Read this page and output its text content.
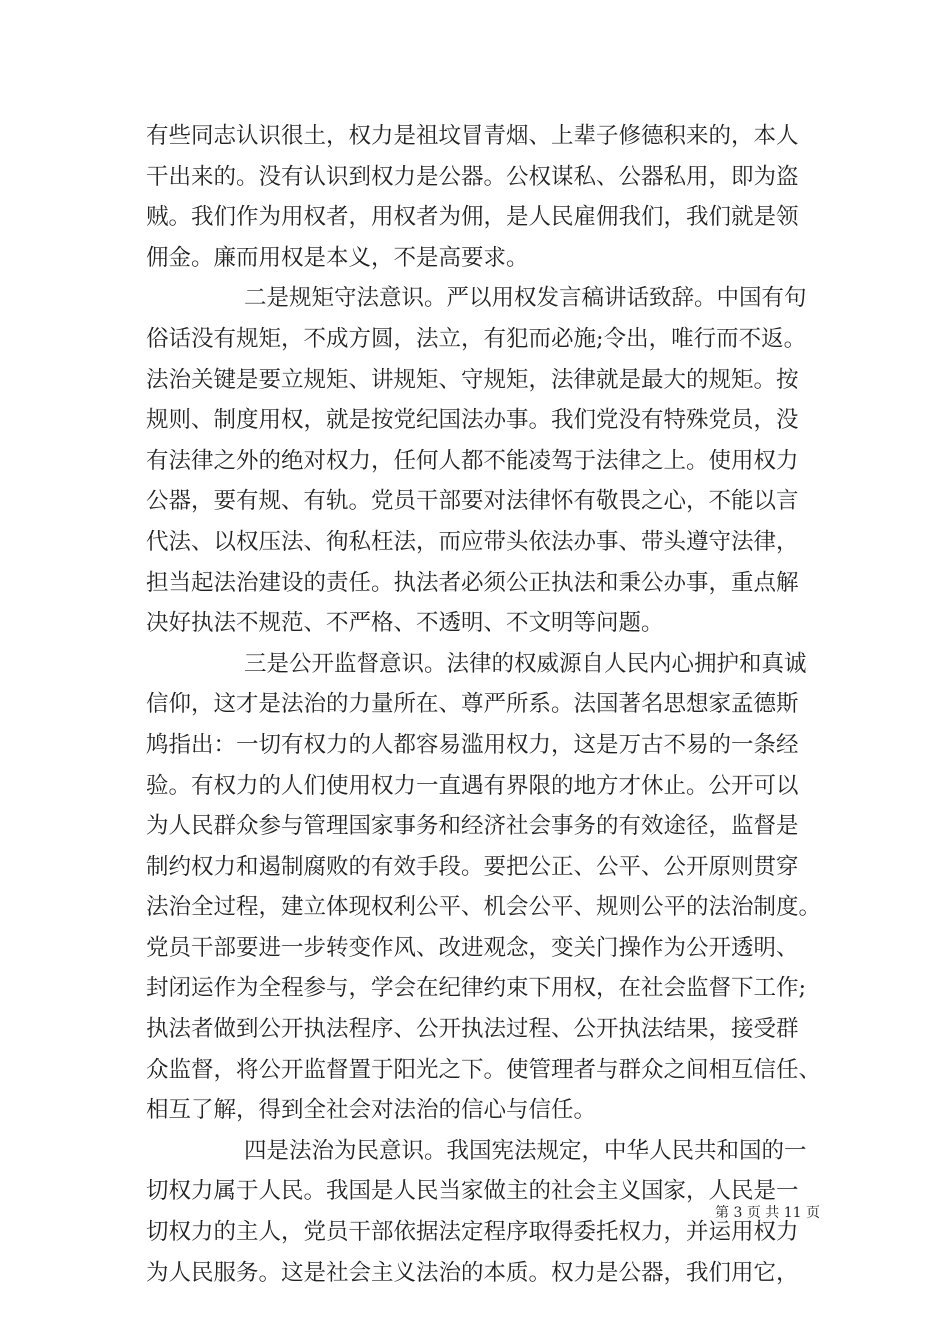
有些同志认识很土，权力是祖坟冒青烟、上辈子修德积来的，本人
干出来的。没有认识到权力是公器。公权谋私、公器私用，即为盗
贼。我们作为用权者，用权者为佣，是人民雇佣我们，我们就是领
佣金。廉而用权是本义，不是高要求。

二是规矩守法意识。严以用权发言稿讲话致辞。中国有句
俗话没有规矩，不成方圆，法立，有犯而必施;令出，唯行而不返。
法治关键是要立规矩、讲规矩、守规矩，法律就是最大的规矩。按
规则、制度用权，就是按党纪国法办事。我们党没有特殊党员，没
有法律之外的绝对权力，任何人都不能凌驾于法律之上。使用权力
公器，要有规、有轨。党员干部要对法律怀有敬畏之心，不能以言
代法、以权压法、徇私枉法，而应带头依法办事、带头遵守法律，
担当起法治建设的责任。执法者必须公正执法和秉公办事，重点解
决好执法不规范、不严格、不透明、不文明等问题。

三是公开监督意识。法律的权威源自人民内心拥护和真诚
信仰，这才是法治的力量所在、尊严所系。法国著名思想家孟德斯
鸠指出：一切有权力的人都容易滥用权力，这是万古不易的一条经
验。有权力的人们使用权力一直遇有界限的地方才休止。公开可以
为人民群众参与管理国家事务和经济社会事务的有效途径，监督是
制约权力和遏制腐败的有效手段。要把公正、公平、公开原则贯穿
法治全过程，建立体现权利公平、机会公平、规则公平的法治制度。
党员干部要进一步转变作风、改进观念，变关门操作为公开透明、
封闭运作为全程参与，学会在纪律约束下用权，在社会监督下工作;
执法者做到公开执法程序、公开执法过程、公开执法结果，接受群
众监督，将公开监督置于阳光之下。使管理者与群众之间相互信任、
相互了解，得到全社会对法治的信心与信任。

四是法治为民意识。我国宪法规定，中华人民共和国的一
切权力属于人民。我国是人民当家做主的社会主义国家，人民是一
切权力的主人，党员干部依据法定程序取得委托权力，并运用权力
为人民服务。这是社会主义法治的本质。权力是公器，我们用它，

第 3 页 共 11 页
